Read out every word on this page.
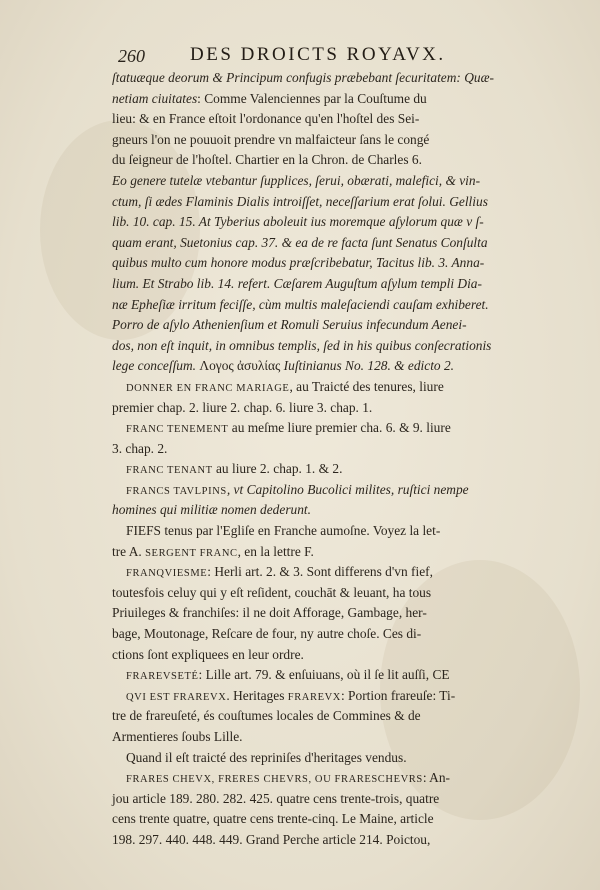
260 DES DROICTS ROYAVX.
ſtatuæque deorum & Principum confugis præbebant ſecuritatem: Quæ-
netiam ciuitates: Comme Valenciennes par la Couſtume du
lieu: & en France eſtoit l'ordonance qu'en l'hoſtel des Sei-
gneurs l'on ne pouuoit prendre vn malfaicteur ſans le congé
du ſeigneur de l'hoſtel. Chartier en la Chron. de Charles 6.
Eo genere tutelæ vtebantur ſupplices, ſerui, obærati, malefici, & vin-
ctum, ſi ædes Flaminis Dialis introiſſet, neceſſarium erat ſolui. Gellius
lib. 10. cap. 15. At Tyberius aboleuit ius moremque aſylorum quæ v ſ-
quam erant, Suetonius cap. 37. & ea de re facta ſunt Senatus Conſulta
quibus multo cum honore modus præſcribebatur, Tacitus lib. 3. Anna-
lium. Et Strabo lib. 14. refert. Cæſarem Auguſtum aſylum templi Dia-
næ Epheſiæ irritum feciſſe, cùm multis maleſaciendi cauſam exhiberet.
Porro de aſylo Athenienſium et Romuli Seruius infecundum Aenei-
dos, non eſt inquit, in omnibus templis, ſed in his quibus conſecrationis
lege conceſſum. Λογος ἀσυλίας Iuſtinianus No. 128. & edicto 2.
DONNER EN FRANC MARIAGE, au Traicté des tenures, liure
premier chap. 2. liure 2. chap. 6. liure 3. chap. 1.
FRANC TENEMENT au meſme liure premier cha. 6. & 9. liure
3. chap. 2.
FRANC TENANT au liure 2. chap. 1. & 2.
FRANCS TAVLPINS, vt Capitolino Bucolici milites, ruſtici nempe
homines qui militiæ nomen dederunt.
FIEFS tenus par l'Egliſe en Franche aumoſne. Voyez la let-
tre A. SERGENT FRANC, en la lettre F.
FRANQVIESME: Herli art. 2. & 3. Sont differens d'vn fief,
toutesfois celuy qui y eſt reſident, couchāt & leuant, ha tous
Priuileges & franchiſes: il ne doit Afforage, Gambage, her-
bage, Moutonage, Reſcare de four, ny autre choſe. Ces di-
ctions ſont expliquees en leur ordre.
FRAREVSETÉ: Lille art. 79. & enſuiuans, où il ſe lit auſſi, CE
QVI EST FRAREVX. Heritages FRAREVX: Portion frareuſe: Ti-
tre de frareuſeté, és couſtumes locales de Commines & de
Armentieres ſoubs Lille.
Quand il eſt traicté des repriniſes d'heritages vendus.
FRARES CHEVX, FRERES CHEVRS, OU FRARESCHEVRS: An-
jou article 189. 280. 282. 425. quatre cens trente-trois, quatre
cens trente quatre, quatre cens trente-cinq. Le Maine, article
198. 297. 440. 448. 449. Grand Perche article 214. Poictou,
